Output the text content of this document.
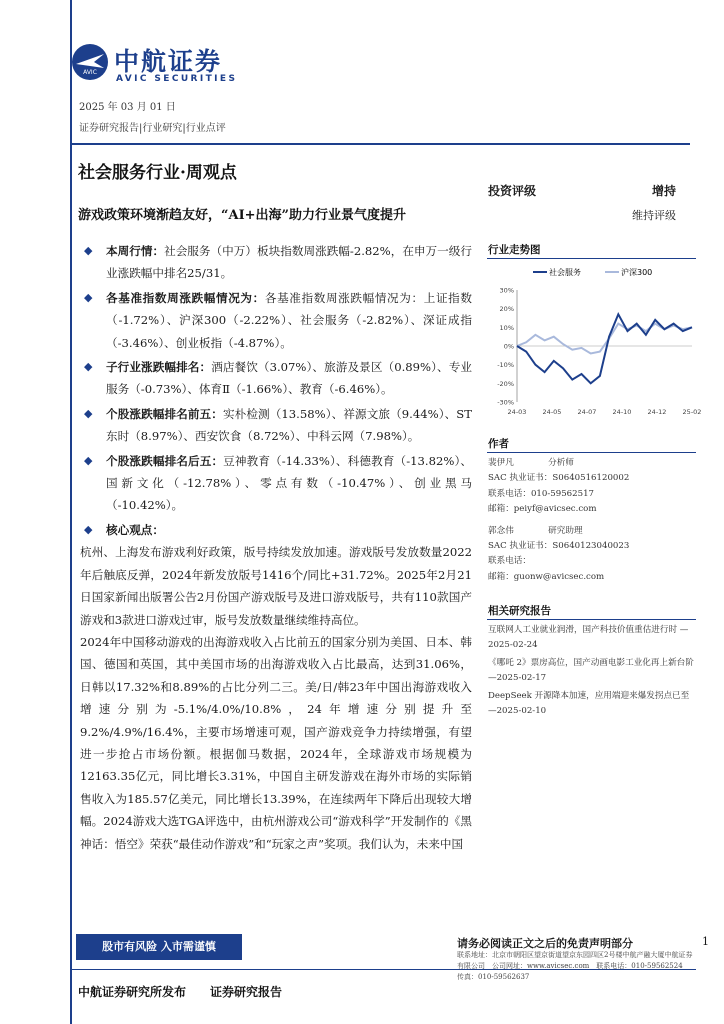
AVIC 中航证券
AVIC SECURITIES
2025 年 03 月 01 日
证券研究报告|行业研究|行业点评
社会服务行业·周观点
游戏政策环境渐趋友好，“AI+出海”助力行业景气度提升
投资评级	增持
维持评级
◆ 本周行情：社会服务（中万）板块指数周涨跌幅-2.82%，在申万一级行业涨跌幅中排名25/31。
◆ 各基准指数周涨跌幅情况为：各基准指数周涨跌幅情况为：上证指数（-1.72%）、沪深300（-2.22%）、社会服务（-2.82%）、深证成指（-3.46%）、创业板指（-4.87%）。
◆ 子行业涨跌幅排名：酒店餐饮（3.07%）、旅游及景区（0.89%）、专业服务（-0.73%）、体育Ⅱ（-1.66%）、教育（-6.46%）。
◆ 个股涨跌幅排名前五：实朴检测（13.58%）、祥源文旅（9.44%）、ST东时（8.97%）、西安饮食（8.72%）、中科云网（7.98%）。
◆ 个股涨跌幅排名后五：豆神教育（-14.33%）、科德教育（-13.82%）、国新文化（-12.78%）、零点有数（-10.47%）、创业黑马（-10.42%）。
◆ 核心观点：
杭州、上海发布游戏利好政策，版号持续发放加速。游戏版号发放数量2022年后触底反弹，2024年新发放版号1416个/同比+31.72%。2025年2月21日国家新闻出版署公告2月份国产游戏版号及进口游戏版号，共有110款国产游戏和3款进口游戏过审，版号发放数量继续维持高位。
2024年中国移动游戏的出海游戏收入占比前五的国家分别为美国、日本、韩国、德国和英国，其中美国市场的出海游戏收入占比最高，达到31.06%，日韩以17.32%和8.89%的占比分列二三。美/日/韩23年中国出海游戏收入增速分别为-5.1%/4.0%/10.8%，24年增速分别提升至9.2%/4.9%/16.4%，主要市场增速可观，国产游戏竞争力持续增强，有望进一步抢占市场份额。根据伽马数据，2024年，全球游戏市场规模为12163.35亿元，同比增长3.31%，中国自主研发游戏在海外市场的实际销售收入为185.57亿美元，同比增长13.39%，在连续两年下降后出现较大增幅。2024游戏大选TGA评选中，由杭州游戏公司“游戏科学”开发制作的《黑神话：悟空》荣获“最佳动作游戏”和“玩家之声”奖项。我们认为，未来中国
行业走势图
社会服务	沪深300
30%
20%
10%
0%
-10%
-20%
-30%
24-03 24-05 24-07 24-10 24-12 25-02
作者
裴伊凡　　　　分析师
SAC 执业证书：S0640516120002
联系电话：010-59562517
邮箱：peiyf@avicsec.com
郭念伟　　　　研究助理
SAC 执业证书：S0640123040023
联系电话：
邮箱：guonw@avicsec.com
相关研究报告
互联网人工业就业润滑，国产科技价值重估进行时 —2025-02-24
《哪吒 2》票房高位，国产动画电影工业化再上新台阶 —2025-02-17
DeepSeek 开源降本加速，应用端迎来爆发拐点已至 —2025-02-10
股市有风险 入市需谨慎
中航证券研究所发布　　证券研究报告
请务必阅读正文之后的免责声明部分
联系地址：北京市朝阳区望京街道望京东园四区2号楼中航产融大厦中航证券有限公司　公司网址：www.avicsec.com　联系电话：010-59562524　传真：010-59562637
1
